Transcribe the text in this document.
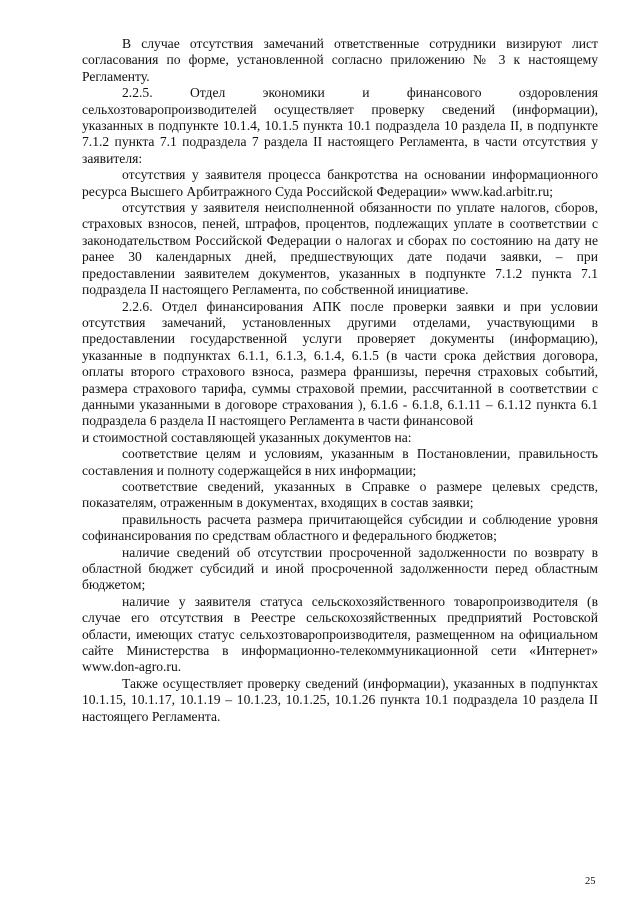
В случае отсутствия замечаний ответственные сотрудники визируют лист согласования по форме, установленной согласно приложению № 3 к настоящему Регламенту.

2.2.5. Отдел экономики и финансового оздоровления сельхозтоваропроизводителей осуществляет проверку сведений (информации), указанных в подпункте 10.1.4, 10.1.5 пункта 10.1 подраздела 10 раздела II, в подпункте 7.1.2 пункта 7.1 подраздела 7 раздела II настоящего Регламента, в части отсутствия у заявителя:

отсутствия у заявителя процесса банкротства на основании информационного ресурса Высшего Арбитражного Суда Российской Федерации» www.kad.arbitr.ru;

отсутствия у заявителя неисполненной обязанности по уплате налогов, сборов, страховых взносов, пеней, штрафов, процентов, подлежащих уплате в соответствии с законодательством Российской Федерации о налогах и сборах по состоянию на дату не ранее 30 календарных дней, предшествующих дате подачи заявки, – при предоставлении заявителем документов, указанных в подпункте 7.1.2 пункта 7.1 подраздела II настоящего Регламента, по собственной инициативе.

2.2.6. Отдел финансирования АПК после проверки заявки и при условии отсутствия замечаний, установленных другими отделами, участвующими в предоставлении государственной услуги проверяет документы (информацию), указанные в подпунктах 6.1.1, 6.1.3, 6.1.4, 6.1.5 (в части срока действия договора, оплаты второго страхового взноса, размера франшизы, перечня страховых событий, размера страхового тарифа, суммы страховой премии, рассчитанной в соответствии с данными указанными в договоре страхования ), 6.1.6 - 6.1.8, 6.1.11 – 6.1.12 пункта 6.1 подраздела 6 раздела II настоящего Регламента в части финансовой

и стоимостной составляющей указанных документов на:

соответствие целям и условиям, указанным в Постановлении, правильность составления и полноту содержащейся в них информации;

соответствие сведений, указанных в Справке о размере целевых средств, показателям, отраженным в документах, входящих в состав заявки;

правильность расчета размера причитающейся субсидии и соблюдение уровня софинансирования по средствам областного и федерального бюджетов;

наличие сведений об отсутствии просроченной задолженности по возврату в областной бюджет субсидий и иной просроченной задолженности перед областным бюджетом;

наличие у заявителя статуса сельскохозяйственного товаропроизводителя (в случае его отсутствия в Реестре сельскохозяйственных предприятий Ростовской области, имеющих статус сельхозтоваропроизводителя, размещенном на официальном сайте Министерства в информационно-телекоммуникационной сети «Интернет» www.don-agro.ru.

Также осуществляет проверку сведений (информации), указанных в подпунктах 10.1.15, 10.1.17, 10.1.19 – 10.1.23, 10.1.25, 10.1.26 пункта 10.1 подраздела 10 раздела II настоящего Регламента.

25
